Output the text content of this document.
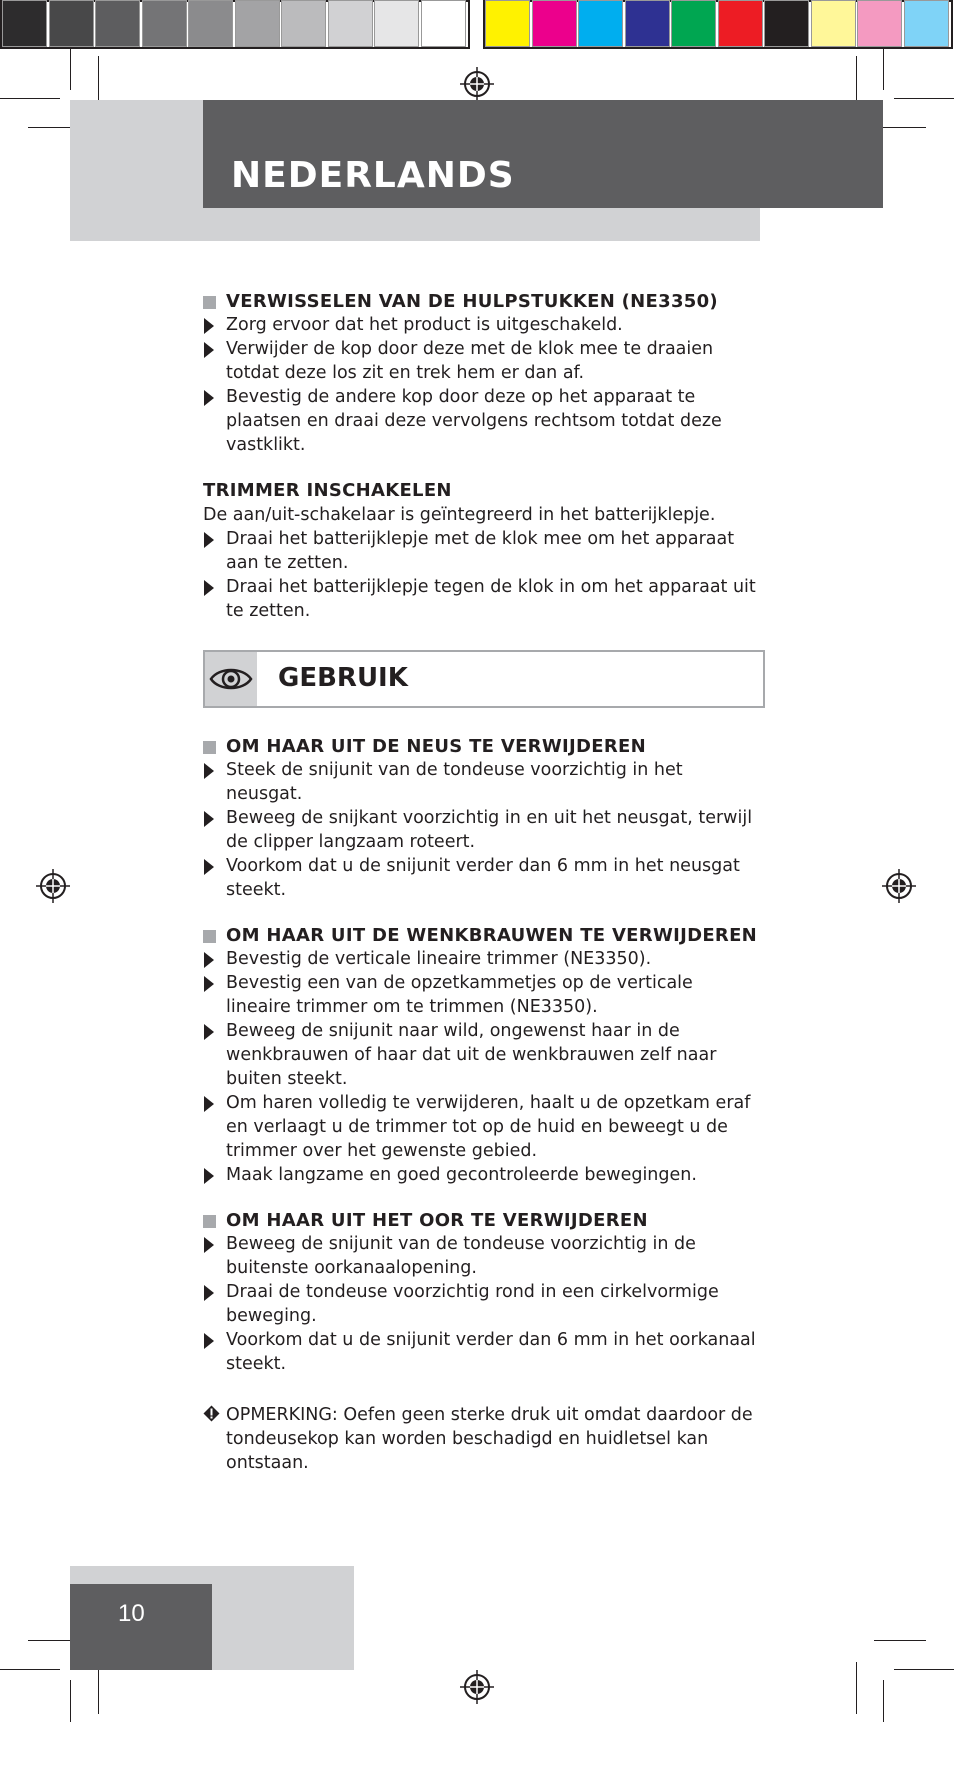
NEDERLANDS
VERWISSELEN VAN DE HULPSTUKKEN (NE3350)
Zorg ervoor dat het product is uitgeschakeld.
Verwijder de kop door deze met de klok mee te draaien totdat deze los zit en trek hem er dan af.
Bevestig de andere kop door deze op het apparaat te plaatsen en draai deze vervolgens rechtsom totdat deze vastklikt.
TRIMMER INSCHAKELEN
De aan/uit-schakelaar is geïntegreerd in het batterijklepje.
Draai het batterijklepje met de klok mee om het apparaat aan te zetten.
Draai het batterijklepje tegen de klok in om het apparaat uit te zetten.
GEBRUIK
OM HAAR UIT DE NEUS TE VERWIJDEREN
Steek de snijunit van de tondeuse voorzichtig in het neusgat.
Beweeg de snijkant voorzichtig in en uit het neusgat, terwijl de clipper langzaam roteert.
Voorkom dat u de snijunit verder dan 6 mm in het neusgat steekt.
OM HAAR UIT DE WENKBRAUWEN TE VERWIJDEREN
Bevestig de verticale lineaire trimmer (NE3350).
Bevestig een van de opzetkammetjes op de verticale lineaire trimmer om te trimmen (NE3350).
Beweeg de snijunit naar wild, ongewenst haar in de wenkbrauwen of haar dat uit de wenkbrauwen zelf naar buiten steekt.
Om haren volledig te verwijderen, haalt u de opzetkam eraf en verlaagt u de trimmer tot op de huid en beweegt u de trimmer over het gewenste gebied.
Maak langzame en goed gecontroleerde bewegingen.
OM HAAR UIT HET OOR TE VERWIJDEREN
Beweeg de snijunit van de tondeuse voorzichtig in de buitenste oorkanaalopening.
Draai de tondeuse voorzichtig rond in een cirkelvormige beweging.
Voorkom dat u de snijunit verder dan 6 mm in het oorkanaal steekt.
OPMERKING: Oefen geen sterke druk uit omdat daardoor de tondeusekop kan worden beschadigd en huidletsel kan ontstaan.
10
